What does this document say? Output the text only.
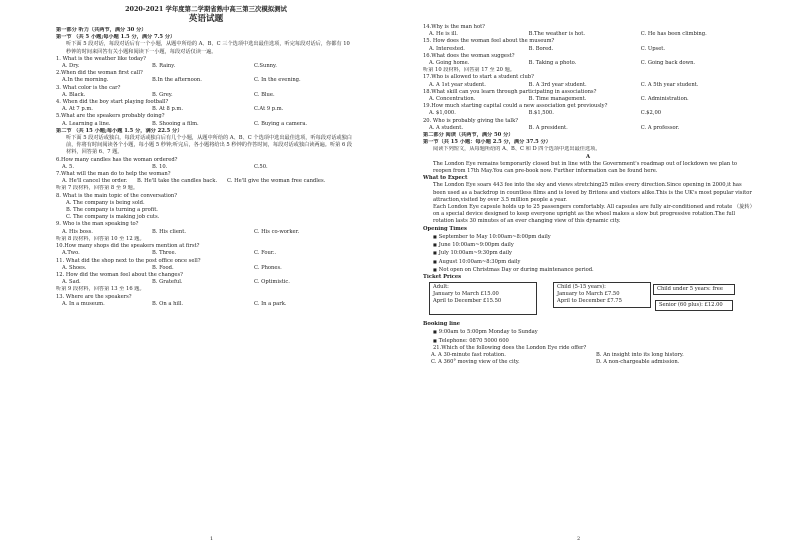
2020-2021 学年度第二学期省熟中高三第三次模拟测试
英语试题
第一部分 听力（共两节，满分 30 分）
第一节 （共 5 小题;每小题 1.5 分，满分 7.5 分）
听下面 5 段对话，每段对话后有一个小题，从题中所给的 A、B、C 三个选项中选出最佳选项，听完每段对话后，你都有 10 秒钟的时间来回答有关小题和阅读下一小题，每段对话仅读一遍。
1. What is the weather like today?
A. Dry.	B. Rainy.	C.Sunny.
2.When did the woman first call?
A.In the morning.	B.In the afternoon.	C. In the evening.
3. What color is the car?
A. Black.	B. Grey.	C. Blue.
4. When did the boy start playing football?
A. At 7 p.m.	B. At 8 p.m.	C.At 9 p.m.
5.What are the speakers probably doing?
A. Learning a line.	B. Shooing a film.	C. Buying a camera.
第二节 （共 15 小题;每小题 1.5 分，满分 22.5 分）
听下面 5 段对话或独白。每段对话或独白后有几个小题，从题中所给的 A、B、C 个选项中选出最佳选项，听每段对话或独白前，你将有时间阅读各个小题，每小题 5 秒钟;听完后，各小题将给出 5 秒钟的作答时间，每段对话或独白读两遍。听第 6 段材料，回答第 6、7 题。
6.How many candles has the woman ordered?
A. 5.	B. 10.	C.50.
7.What will the man do to help the woman?
A. He'll cancel the order.	B. He'll take the candles back.	C. He'll give the woman free candles.
听第 7 段材料，回答第 8 至 9 题。
8. What is the main topic of the conversation?
A. The company is being sold.
B. The company is turning a profit.
C. The company is making job cuts.
9. Who is the man speaking to?
A. His boss.	B. His client.	C. His co-worker.
听第 8 段材料，回答第 10 至 12 题。
10.How many shops did the speakers mention at first?
A.Two.	B. Three.	C. Four..
11. What did the shop next to the post office once sell?
A. Shoes.	B. Food.	C. Phones.
12. How did the woman feel about the changes?
A. Sad.	B. Grateful.	C. Optimistic.
听第 9 段材料，回答第 13 至 16 题。
13. Where are the speakers?
A. In a museum.	B. On a hill.	C. In a park.
1
14.Why is the man hot?
A. He is ill.	B.The weather is hot.	C. He has been climbing.
15. How does the woman feel about the museum?
A. Interested.	B. Bored.	C. Upset.
16.What does the woman suggest?
A. Going home.	B. Taking a photo.	C. Going back down.
听第 10 段材料，回答第 17 至 20 题。
17.Who is allowed to start a student club?
A. A 1st year student.	B. A 3rd year student.	C. A 5th year student.
18.What skill can you learn through participating in associations?
A. Concentration.	B. Time management.	C. Administration.
19.How much starting capital could a new association get previously?
A. $1,000.	B.$1,500.	C.$2,00
20. Who is probably giving the talk?
A. A student.	B. A president.	C. A professor.
第二部分 阅读（共两节，满分 50 分）
第一节（共 15 小题：每小题 2.5 分，满分 37.5 分）
阅读下列短文，从每题所给的 A、B、C 和 D 四个选项中选出最佳选项。
A
The London Eye remains temporarily closed but in line with the Government's roadmap out of lockdown we plan to reopen from 17th May.You can pre-book now. Further information can be found here.
What to Expect
The London Eye soars 443 fee into the sky and views stretching25 miles every direction.Since opening in 2000,it has been used as a backdrop in countless films and is loved by Britons and visitors alike.This is the UK's most popular visitor attraction,visited by over 3.5 million people a year.
Each London Eye capsule holds up to 25 passengers comfortably. All capsules are fully air-conditioned and rotate （旋转）on a special device designed to keep everyone upright as the wheel makes a slow but progressive rotation.The full rotation lasts 30 minutes of an ever changing view of this dynamic city.
Opening Times
■ September to May 10:00am~8:00pm daily
■ June 10:00am~9:00pm daily
■ July 10:00am~9:30pm daily
■ August 10:00am~8:30pm daily
■ Not open on Christmas Day or during maintenance period.
Ticket Prices
Adult:
January to March £15.00
April to December £15.50
Child (5-15 years):
January to March £7.50
April to December £7.75
Child under 5 years: free
Senior (60 plus): £12.00
Booking line
■ 9:00am to 5:00pm Monday to Sunday
■ Telephone: 0870 5000 600
21.Which of the following does the London Eye ride offer?
A. A 30-minute fast rotation.	B. An insight into its long history.
C. A 360° moving view of the city.	D. A non-chargeable admission.
2
